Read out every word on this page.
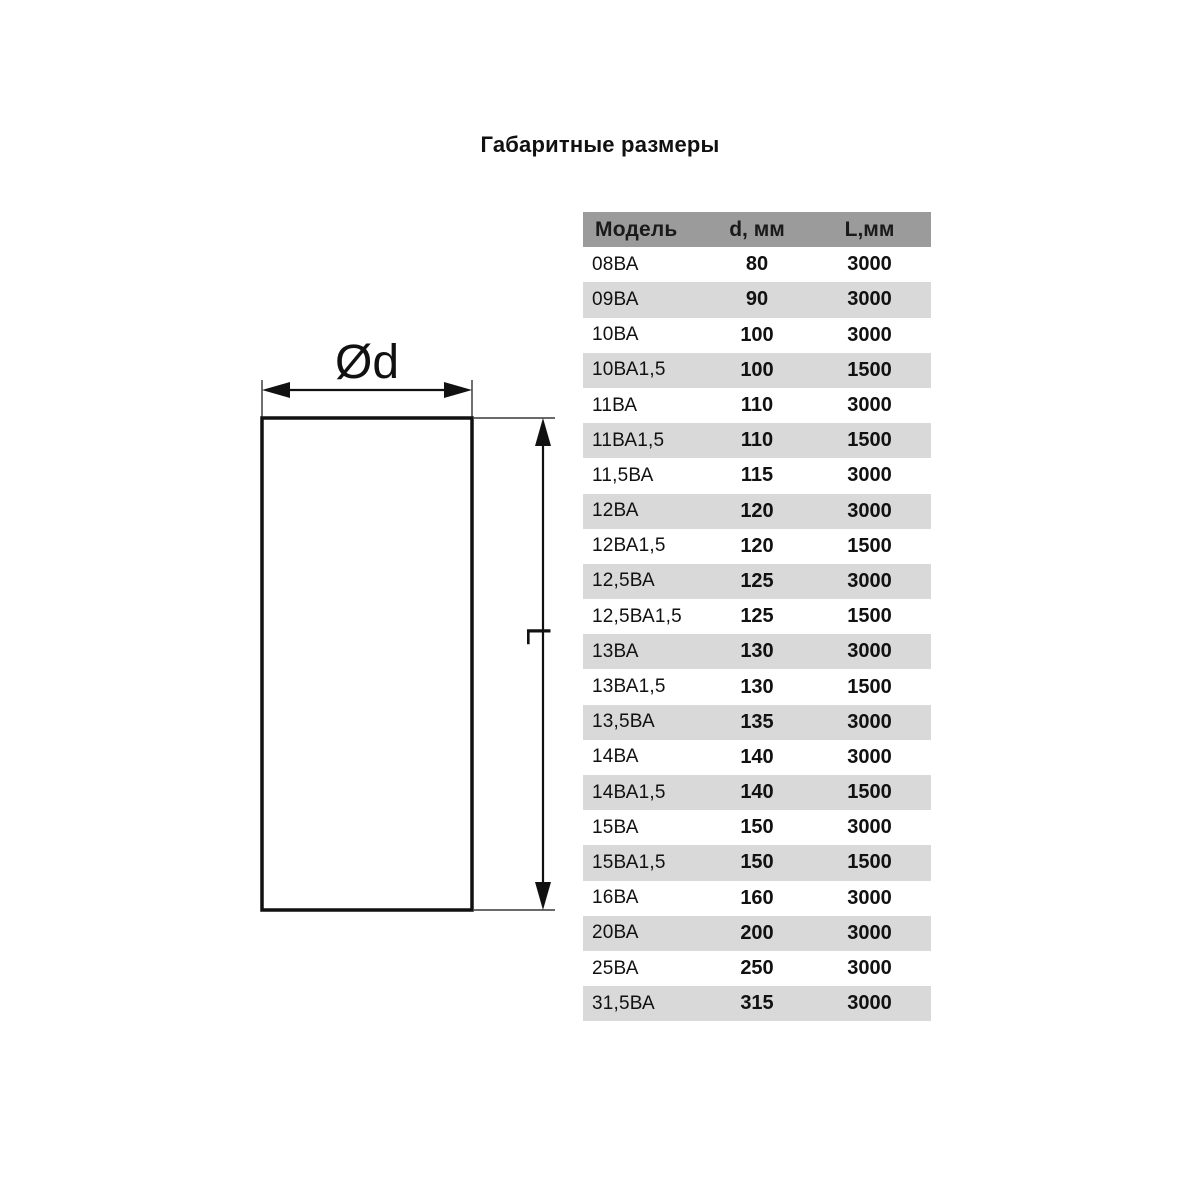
Габаритные размеры
Ød
L
Модель	d, мм	L,мм
08ВА	80	3000
09ВА	90	3000
10ВА	100	3000
10ВА1,5	100	1500
11ВА	110	3000
11ВА1,5	110	1500
11,5ВА	115	3000
12ВА	120	3000
12ВА1,5	120	1500
12,5ВА	125	3000
12,5ВА1,5	125	1500
13ВА	130	3000
13ВА1,5	130	1500
13,5ВА	135	3000
14ВА	140	3000
14ВА1,5	140	1500
15ВА	150	3000
15ВА1,5	150	1500
16ВА	160	3000
20ВА	200	3000
25ВА	250	3000
31,5ВА	315	3000
